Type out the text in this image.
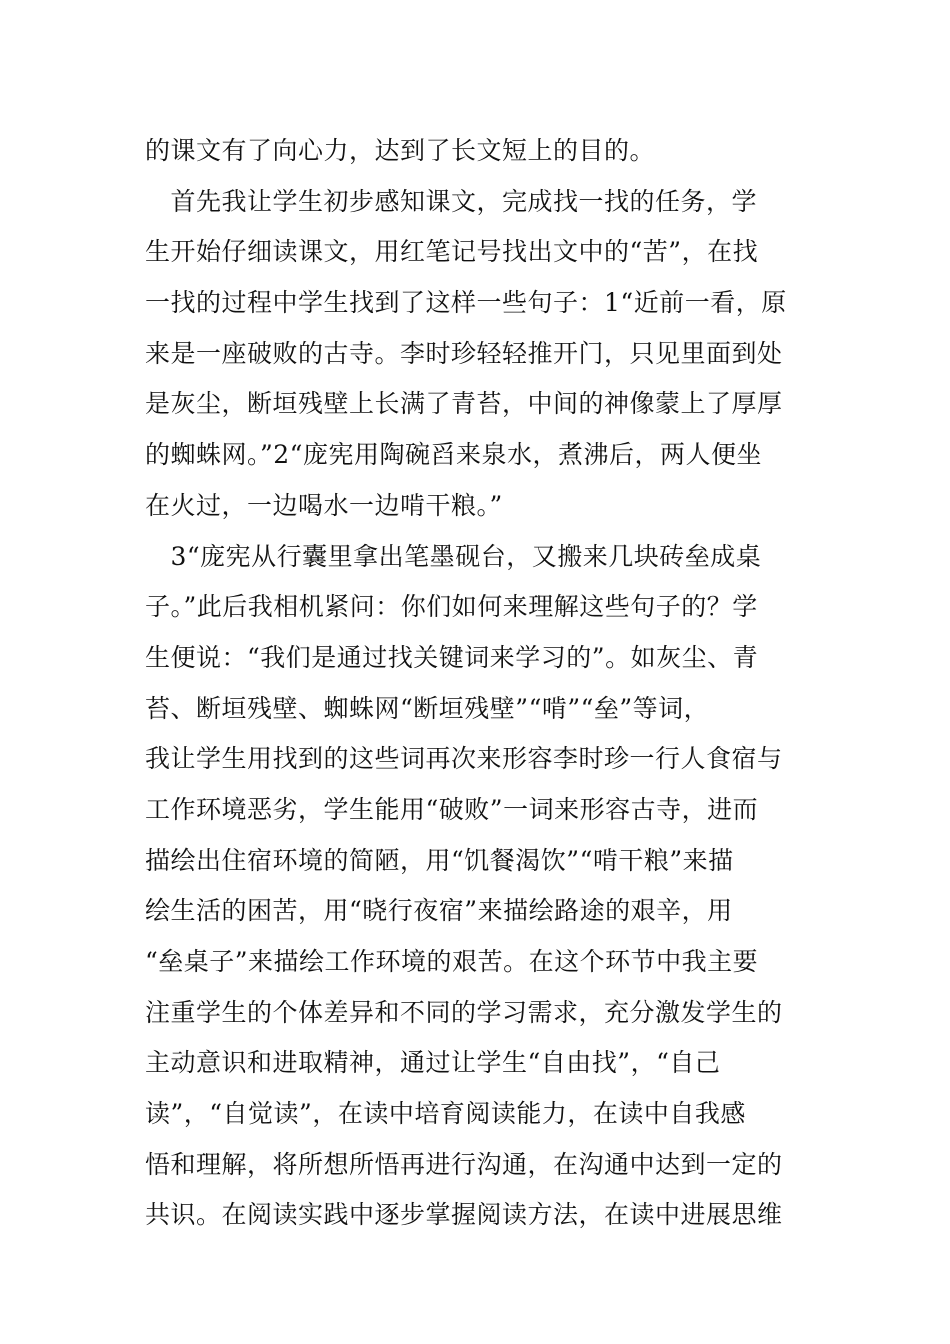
的课文有了向心力，达到了长文短上的目的。
　首先我让学生初步感知课文，完成找一找的任务，学
生开始仔细读课文，用红笔记号找出文中的“苦”，在找
一找的过程中学生找到了这样一些句子：1“近前一看，原
来是一座破败的古寺。李时珍轻轻推开门，只见里面到处
是灰尘，断垣残壁上长满了青苔，中间的神像蒙上了厚厚
的蜘蛛网。”2“庞宪用陶碗舀来泉水，煮沸后，两人便坐
在火过，一边喝水一边啃干粮。”
　3“庞宪从行囊里拿出笔墨砚台，又搬来几块砖垒成桌
子。”此后我相机紧问：你们如何来理解这些句子的？学
生便说：“我们是通过找关键词来学习的”。如灰尘、青
苔、断垣残壁、蜘蛛网“断垣残壁”“啃”“垒”等词，
我让学生用找到的这些词再次来形容李时珍一行人食宿与
工作环境恶劣，学生能用“破败”一词来形容古寺，进而
描绘出住宿环境的简陋，用“饥餐渴饮”“啃干粮”来描
绘生活的困苦，用“晓行夜宿”来描绘路途的艰辛，用
“垒桌子”来描绘工作环境的艰苦。在这个环节中我主要
注重学生的个体差异和不同的学习需求，充分激发学生的
主动意识和进取精神，通过让学生“自由找”，“自己
读”，“自觉读”，在读中培育阅读能力，在读中自我感
悟和理解，将所想所悟再进行沟通，在沟通中达到一定的
共识。在阅读实践中逐步掌握阅读方法，在读中进展思维
